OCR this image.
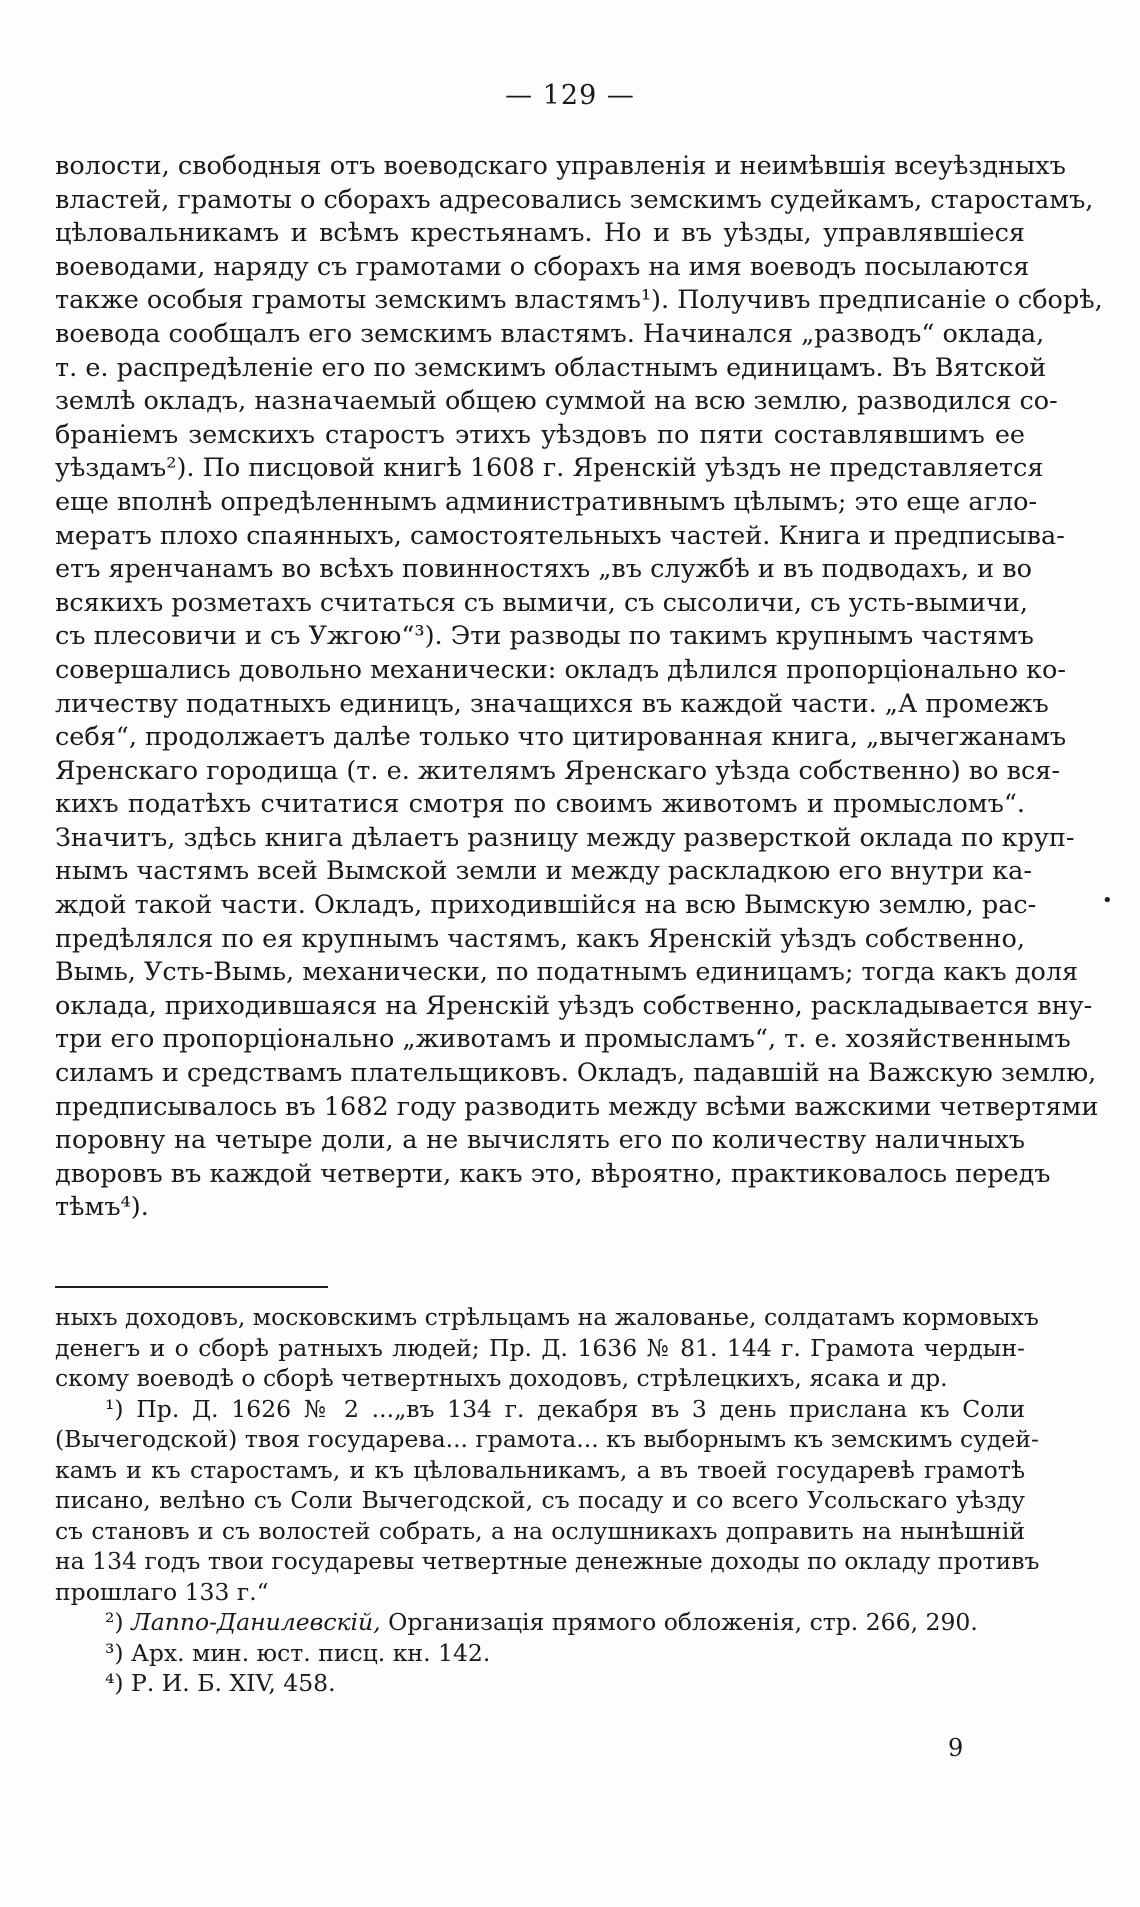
— 129 —
волости, свободныя отъ воеводскаго управленія и неимѣвшія всеуѣздныхъ
властей, грамоты о сборахъ адресовались земскимъ судейкамъ, старостамъ,
цѣловальникамъ и всѣмъ крестьянамъ. Но и въ уѣзды, управлявшіеся
воеводами, наряду съ грамотами о сборахъ на имя воеводъ посылаются
также особыя грамоты земскимъ властямъ¹). Получивъ предписаніе о сборѣ,
воевода сообщалъ его земскимъ властямъ. Начинался „разводъ“ оклада,
т. е. распредѣленіе его по земскимъ областнымъ единицамъ. Въ Вятской
землѣ окладъ, назначаемый общею суммой на всю землю, разводился со-
браніемъ земскихъ старостъ этихъ уѣздовъ по пяти составлявшимъ ее
уѣздамъ²). По писцовой книгѣ 1608 г. Яренскій уѣздъ не представляется
еще вполнѣ опредѣленнымъ административнымъ цѣлымъ; это еще агло-
мератъ плохо спаянныхъ, самостоятельныхъ частей. Книга и предписыва-
етъ яренчанамъ во всѣхъ повинностяхъ „въ службѣ и въ подводахъ, и во
всякихъ розметахъ считаться съ вымичи, съ сысоличи, съ усть-вымичи,
съ плесовичи и съ Ужгою“³). Эти разводы по такимъ крупнымъ частямъ
совершались довольно механически: окладъ дѣлился пропорціонально ко-
личеству податныхъ единицъ, значащихся въ каждой части. „А промежъ
себя“, продолжаетъ далѣе только что цитированная книга, „вычегжанамъ
Яренскаго городища (т. е. жителямъ Яренскаго уѣзда собственно) во вся-
кихъ податѣхъ считатися смотря по своимъ животомъ и промысломъ“.
Значитъ, здѣсь книга дѣлаетъ разницу между разверсткой оклада по круп-
нымъ частямъ всей Вымской земли и между раскладкою его внутри ка-
ждой такой части. Окладъ, приходившійся на всю Вымскую землю, рас-
предѣлялся по ея крупнымъ частямъ, какъ Яренскій уѣздъ собственно,
Вымь, Усть-Вымь, механически, по податнымъ единицамъ; тогда какъ доля
оклада, приходившаяся на Яренскій уѣздъ собственно, раскладывается вну-
три его пропорціонально „животамъ и промысламъ“, т. е. хозяйственнымъ
силамъ и средствамъ плательщиковъ. Окладъ, падавшій на Важскую землю,
предписывалось въ 1682 году разводить между всѣми важскими четвертями
поровну на четыре доли, а не вычислять его по количеству наличныхъ
дворовъ въ каждой четверти, какъ это, вѣроятно, практиковалось передъ
тѣмъ⁴).
•
ныхъ доходовъ, московскимъ стрѣльцамъ на жалованье, солдатамъ кормовыхъ
денегъ и о сборѣ ратныхъ людей; Пр. Д. 1636 № 81. 144 г. Грамота чердын-
скому воеводѣ о сборѣ четвертныхъ доходовъ, стрѣлецкихъ, ясака и др.
¹) Пр. Д. 1626 № 2 ...„въ 134 г. декабря въ 3 день прислана къ Соли
(Вычегодской) твоя государева... грамота... къ выборнымъ къ земскимъ судей-
камъ и къ старостамъ, и къ цѣловальникамъ, а въ твоей государевѣ грамотѣ
писано, велѣно съ Соли Вычегодской, съ посаду и со всего Усольскаго уѣзду
съ становъ и съ волостей собрать, а на ослушникахъ доправить на нынѣшній
на 134 годъ твои государевы четвертные денежные доходы по окладу противъ
прошлаго 133 г.“
²) Лаппо-Данилевскій, Организація прямого обложенія, стр. 266, 290.
³) Арх. мин. юст. писц. кн. 142.
⁴) Р. И. Б. XIV, 458.
9
